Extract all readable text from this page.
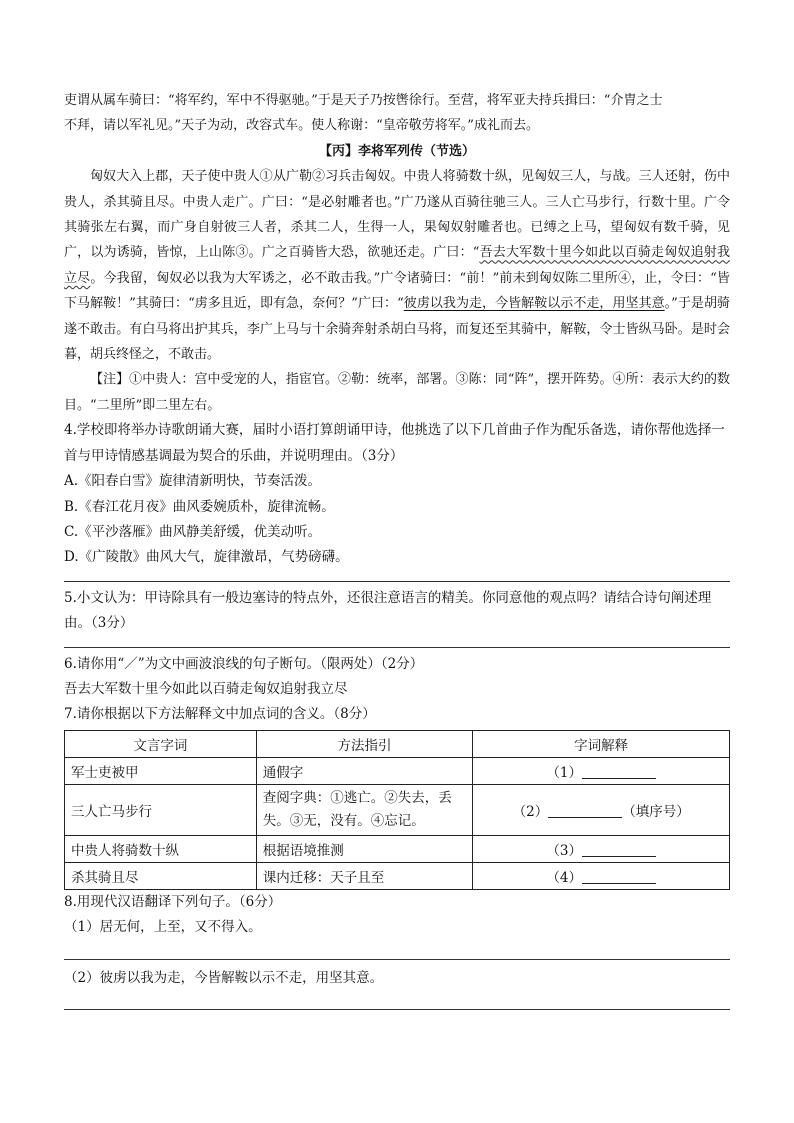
吏谓从属车骑曰：“将军约，军中不得驱驰。”于是天子乃按辔徐行。至营，将军亚夫持兵揖曰：“介胄之士

不拜，请以军礼见。”天子为动，改容式车。使人称谢：“皇帝敬劳将军。”成礼而去。

【丙】李将军列传（节选）

匈奴大入上郡，天子使中贵人①从广勒②习兵击匈奴。中贵人将骑数十纵，见匈奴三人，与战。三人还射，伤中贵人，杀其骑且尽。中贵人走广。广曰：“是必射雕者也。”广乃遂从百骑往驰三人。三人亡马步行，行数十里。广令其骑张左右翼，而广身自射彼三人者，杀其二人，生得一人，果匈奴射雕者也。已缚之上马，望匈奴有数千骑，见广，以为诱骑，皆惊，上山陈③。广之百骑皆大恐，欲驰还走。广曰：“吾去大军数十里今如此以百骑走匈奴追射我立尽。今我留，匈奴必以我为大军诱之，必不敢击我。”广令诸骑曰：“前！”前未到匈奴陈二里所④，止，令曰：“皆下马解鞍！”其骑曰：“虏多且近，即有急，奈何？”广曰：“彼虏以我为走，今皆解鞍以示不走，用坚其意。”于是胡骑遂不敢击。有白马将出护其兵，李广上马与十余骑奔射杀胡白马将，而复还至其骑中，解鞍，令士皆纵马卧。是时会暮，胡兵终怪之，不敢击。

【注】①中贵人：宫中受宠的人，指宦官。②勒：统率，部署。③陈：同“阵”，摆开阵势。④所：表示大约的数目。“二里所”即二里左右。

4.学校即将举办诗歌朗诵大赛，届时小语打算朗诵甲诗，他挑选了以下几首曲子作为配乐备选，请你帮他选择一首与甲诗情感基调最为契合的乐曲，并说明理由。（3分）

A.《阳春白雪》旋律清新明快，节奏活泼。

B.《春江花月夜》曲风委婉质朴，旋律流畅。

C.《平沙落雁》曲风静美舒缓，优美动听。

D.《广陵散》曲风大气，旋律激昂，气势磅礴。

5.小文认为：甲诗除具有一般边塞诗的特点外，还很注意语言的精美。你同意他的观点吗？请结合诗句阐述理由。（3分）

6.请你用“／”为文中画波浪线的句子断句。（限两处）（2分）

吾去大军数十里今如此以百骑走匈奴追射我立尽

7.请你根据以下方法解释文中加点词的含义。（8分）

文言字词	方法指引	字词解释
军士吏被甲	通假字	（1）
三人亡马步行	查阅字典：①逃亡。②失去，丢失。③无，没有。④忘记。	（2） （填序号）
中贵人将骑数十纵	根据语境推测	（3）
杀其骑且尽	课内迁移：天子且至	（4）

8.用现代汉语翻译下列句子。（6分）

（1）居无何，上至，又不得入。

（2）彼虏以我为走，今皆解鞍以示不走，用坚其意。
